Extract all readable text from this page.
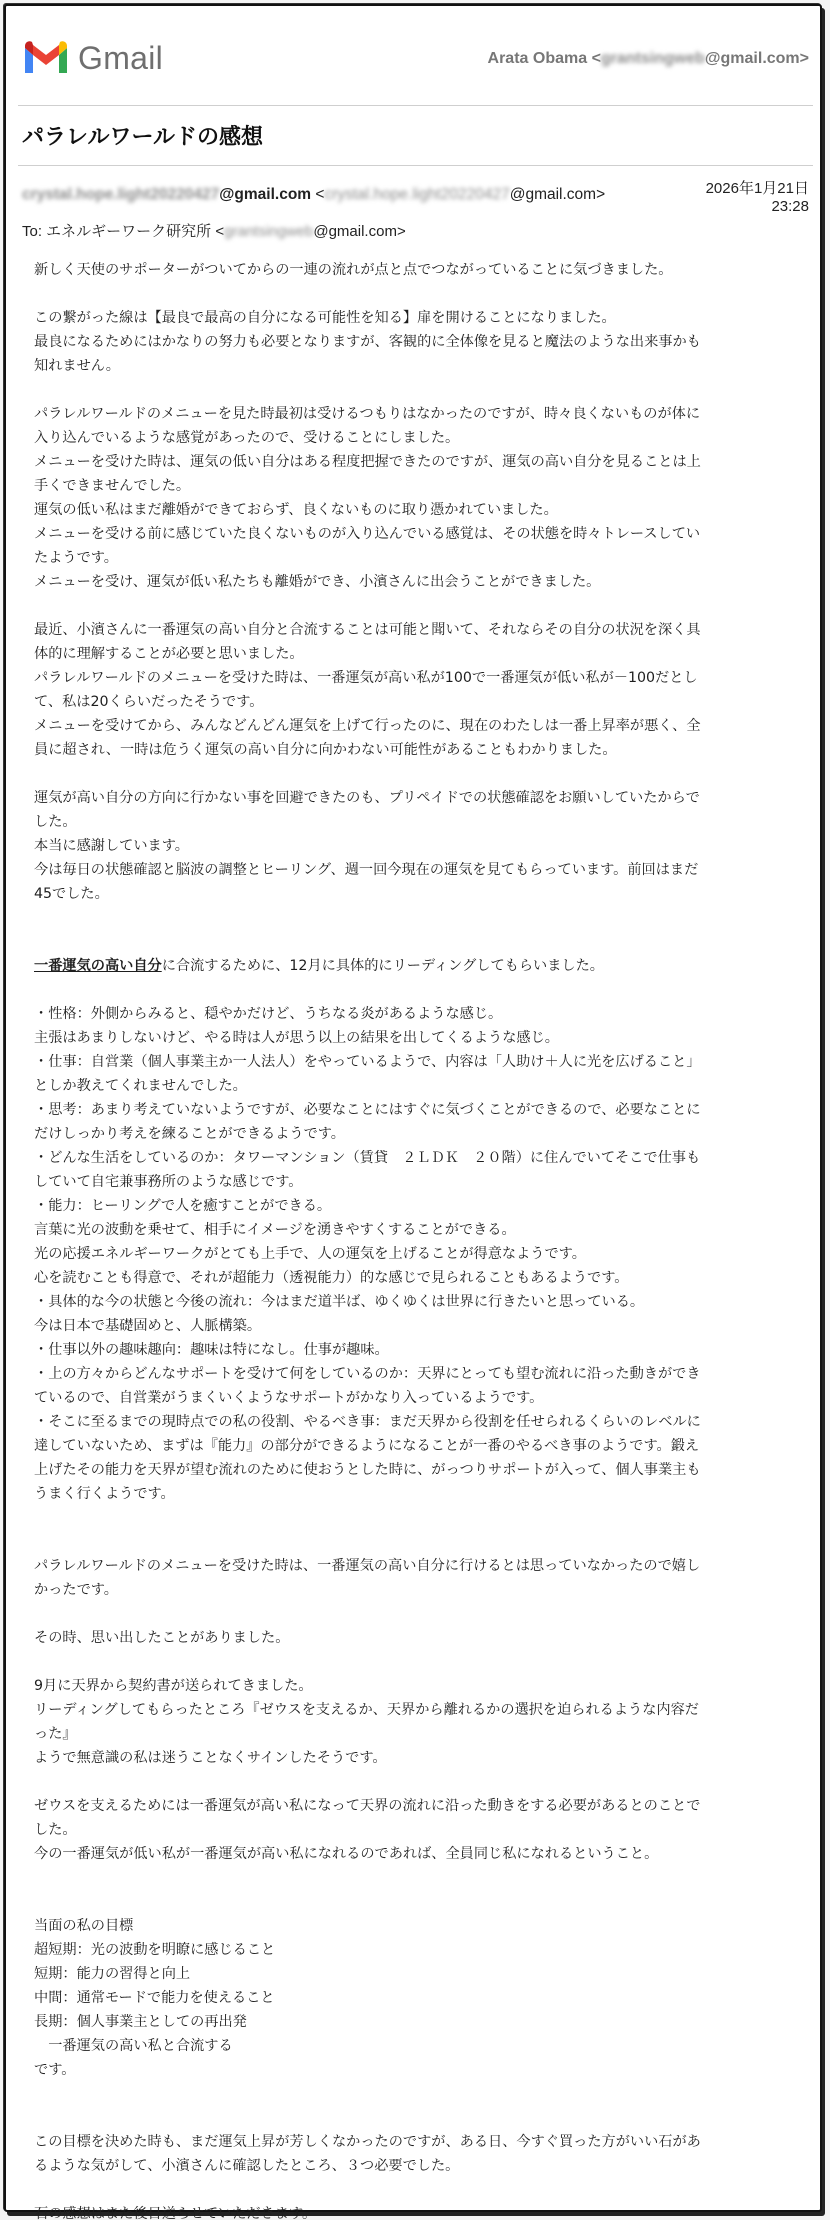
Gmail	Arata Obama <grantsingweb@gmail.com>
パラレルワールドの感想
crystal.hope.light20220427@gmail.com <crystal.hope.light20220427@gmail.com>	2026年1月21日
23:28
To: エネルギーワーク研究所 <grantsingweb@gmail.com>
新しく天使のサポーターがついてからの一連の流れが点と点でつながっていることに気づきました。
この繋がった線は【最良で最高の自分になる可能性を知る】扉を開けることになりました。
最良になるためにはかなりの努力も必要となりますが、客観的に全体像を見ると魔法のような出来事かも
知れません。
パラレルワールドのメニューを見た時最初は受けるつもりはなかったのですが、時々良くないものが体に
入り込んでいるような感覚があったので、受けることにしました。
メニューを受けた時は、運気の低い自分はある程度把握できたのですが、運気の高い自分を見ることは上
手くできませんでした。
運気の低い私はまだ離婚ができておらず、良くないものに取り憑かれていました。
メニューを受ける前に感じていた良くないものが入り込んでいる感覚は、その状態を時々トレースしてい
たようです。
メニューを受け、運気が低い私たちも離婚ができ、小濱さんに出会うことができました。
最近、小濱さんに一番運気の高い自分と合流することは可能と聞いて、それならその自分の状況を深く具
体的に理解することが必要と思いました。
パラレルワールドのメニューを受けた時は、一番運気が高い私が100で一番運気が低い私が－100だとし
て、私は20くらいだったそうです。
メニューを受けてから、みんなどんどん運気を上げて行ったのに、現在のわたしは一番上昇率が悪く、全
員に超され、一時は危うく運気の高い自分に向かわない可能性があることもわかりました。
運気が高い自分の方向に行かない事を回避できたのも、プリペイドでの状態確認をお願いしていたからで
した。
本当に感謝しています。
今は毎日の状態確認と脳波の調整とヒーリング、週一回今現在の運気を見てもらっています。前回はまだ
45でした。
一番運気の高い自分に合流するために、12月に具体的にリーディングしてもらいました。
・性格：外側からみると、穏やかだけど、うちなる炎があるような感じ。
主張はあまりしないけど、やる時は人が思う以上の結果を出してくるような感じ。
・仕事：自営業（個人事業主か一人法人）をやっているようで、内容は「人助け＋人に光を広げること」
としか教えてくれませんでした。
・思考：あまり考えていないようですが、必要なことにはすぐに気づくことができるので、必要なことに
だけしっかり考えを練ることができるようです。
・どんな生活をしているのか：タワーマンション（賃貸　２ＬＤＫ　２０階）に住んでいてそこで仕事も
していて自宅兼事務所のような感じです。
・能力：ヒーリングで人を癒すことができる。
言葉に光の波動を乗せて、相手にイメージを湧きやすくすることができる。
光の応援エネルギーワークがとても上手で、人の運気を上げることが得意なようです。
心を読むことも得意で、それが超能力（透視能力）的な感じで見られることもあるようです。
・具体的な今の状態と今後の流れ：今はまだ道半ば、ゆくゆくは世界に行きたいと思っている。
今は日本で基礎固めと、人脈構築。
・仕事以外の趣味趣向：趣味は特になし。仕事が趣味。
・上の方々からどんなサポートを受けて何をしているのか：天界にとっても望む流れに沿った動きができ
ているので、自営業がうまくいくようなサポートがかなり入っているようです。
・そこに至るまでの現時点での私の役割、やるべき事：まだ天界から役割を任せられるくらいのレベルに
達していないため、まずは『能力』の部分ができるようになることが一番のやるべき事のようです。鍛え
上げたその能力を天界が望む流れのために使おうとした時に、がっつりサポートが入って、個人事業主も
うまく行くようです。
パラレルワールドのメニューを受けた時は、一番運気の高い自分に行けるとは思っていなかったので嬉し
かったです。
その時、思い出したことがありました。
9月に天界から契約書が送られてきました。
リーディングしてもらったところ『ゼウスを支えるか、天界から離れるかの選択を迫られるような内容だ
った』
ようで無意識の私は迷うことなくサインしたそうです。
ゼウスを支えるためには一番運気が高い私になって天界の流れに沿った動きをする必要があるとのことで
した。
今の一番運気が低い私が一番運気が高い私になれるのであれば、全員同じ私になれるということ。
当面の私の目標
超短期：光の波動を明瞭に感じること
短期：能力の習得と向上
中間：通常モードで能力を使えること
長期：個人事業主としての再出発
　一番運気の高い私と合流する
です。
この目標を決めた時も、まだ運気上昇が芳しくなかったのですが、ある日、今すぐ買った方がいい石があ
るような気がして、小濱さんに確認したところ、３つ必要でした。
石の感想はまた後日送らせていただきます。
